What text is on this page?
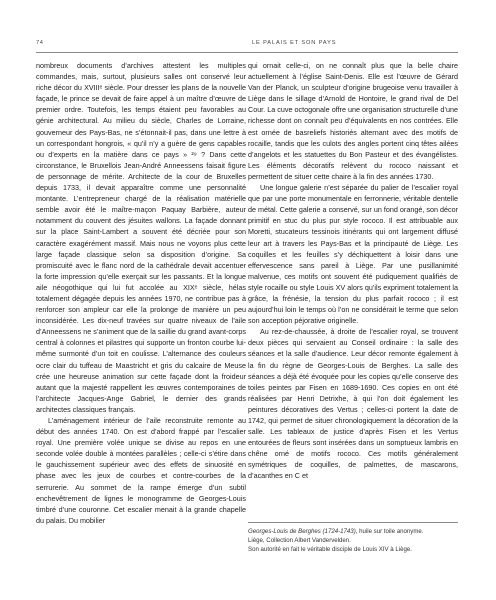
74	LE PALAIS ET SON PAYS

nombreux documents d’archives attestent les multiples commandes, mais, surtout, plusieurs salles ont conservé leur riche décor du XVIIIᵉ siècle. Pour dresser les plans de la nouvelle façade, le prince se devait de faire appel à un maître d’œuvre de premier ordre. Toutefois, les temps étaient peu favorables au génie architectural. Au milieu du siècle, Charles de Lorraine, gouverneur des Pays-Bas, ne s’étonnait-il pas, dans une lettre à un correspondant hongrois, « qu’il n’y a guère de gens capables ou d’experts en la matière dans ce pays » ²⁹ ? Dans cette circonstance, le Bruxellois Jean-André Anneessens faisait figure de personnage de mérite. Architecte de la cour de Bruxelles depuis 1733, il devait apparaître comme une personnalité montante. L’entrepreneur chargé de la réalisation matérielle semble avoir été le maître-maçon Paquay Barbière, auteur notamment du couvent des jésuites wallons. La façade donnant sur la place Saint-Lambert a souvent été décriée pour son caractère exagérément massif. Mais nous ne voyons plus cette large façade classique selon sa disposition d’origine. Sa promiscuité avec le flanc nord de la cathédrale devait accentuer la forte impression qu’elle exerçait sur les passants. Et la longue aile néogothique qui lui fut accolée au XIXᵉ siècle, hélas totalement dégagée depuis les années 1970, ne contribue pas à renforcer son ampleur car elle la prolonge de manière un peu inconsidérée. Les dix-neuf travées sur quatre niveaux de l’aile d’Anneessens ne s’animent que de la saillie du grand avant-corps central à colonnes et pilastres qui supporte un fronton courbe lui-même surmonté d’un toit en coulisse. L’alternance des couleurs ocre clair du tuffeau de Maastricht et gris du calcaire de Meuse crée une heureuse animation sur cette façade dont la froideur autant que la majesté rappellent les œuvres contemporaines de l’architecte Jacques-Ange Gabriel, le dernier des grands architectes classiques français.

L’aménagement intérieur de l’aile reconstruite remonte au début des années 1740. On est d’abord frappé par l’escalier royal. Une première volée unique se divise au repos en une seconde volée double à montées parallèles ; celle-ci s’étire dans le gauchissement supérieur avec des effets de sinuosité en phase avec les jeux de courbes et contre-courbes de la serrurerie. Au sommet de la rampe émerge d’un subtil enchevêtrement de lignes le monogramme de Georges-Louis timbré d’une couronne. Cet escalier menait à la grande chapelle du palais. Du mobilier

qui ornait celle-ci, on ne connaît plus que la belle chaire actuellement à l’église Saint-Denis. Elle est l’œuvre de Gérard Van der Planck, un sculpteur d’origine brugeoise venu travailler à Liège dans le sillage d’Arnold de Hontoire, le grand rival de Del Cour. La cuve octogonale offre une organisation structurelle d’une richesse dont on connaît peu d’équivalents en nos contrées. Elle est ornée de basreliefs historiés alternant avec des motifs de rocaille, tandis que les culots des angles portent cinq têtes ailées d’angelots et les statuettes du Bon Pasteur et des évangélistes. Les éléments décoratifs relèvent du rococo naissant et permettent de situer cette chaire à la fin des années 1730.

Une longue galerie n’est séparée du palier de l’escalier royal que par une porte monumentale en ferronnerie, véritable dentelle de métal. Cette galerie a conservé, sur un fond orangé, son décor primitif en stuc du plus pur style rococo. Il est attribuable aux Moretti, stucateurs tessinois itinérants qui ont largement diffusé leur art à travers les Pays-Bas et la principauté de Liège. Les coquilles et les feuilles s’y déchiquettent à loisir dans une effervescence sans pareil à Liège. Par une pusillanimité malvenue, ces motifs ont souvent été pudiquement qualifiés de style rocaille ou style Louis XV alors qu’ils expriment totalement la grâce, la frénésie, la tension du plus parfait rococo ; il est aujourd’hui loin le temps où l’on ne considérait le terme que selon son acception péjorative originelle.

Au rez-de-chaussée, à droite de l’escalier royal, se trouvent deux pièces qui servaient au Conseil ordinaire : la salle des séances et la salle d’audience. Leur décor remonte également à la fin du règne de Georges-Louis de Berghes. La salle des séances a déjà été évoquée pour les copies qu’elle conserve des toiles peintes par Fisen en 1689-1690. Ces copies en ont été réalisées par Henri Detrixhe, à qui l’on doit également les peintures décoratives des Vertus ; celles-ci portent la date de 1742, qui permet de situer chronologiquement la décoration de la salle. Les tableaux de justice d’après Fisen et les Vertus entourées de fleurs sont insérées dans un somptueux lambris en chêne orné de motifs rococo. Ces motifs généralement symétriques de coquilles, de palmettes, de mascarons, d’acanthes en C et

Georges-Louis de Berghes (1724-1743), huile sur toile anonyme.

Liège, Collection Albert Vandervelden.

Son autorité en fait le véritable disciple de Louis XIV à Liège.
